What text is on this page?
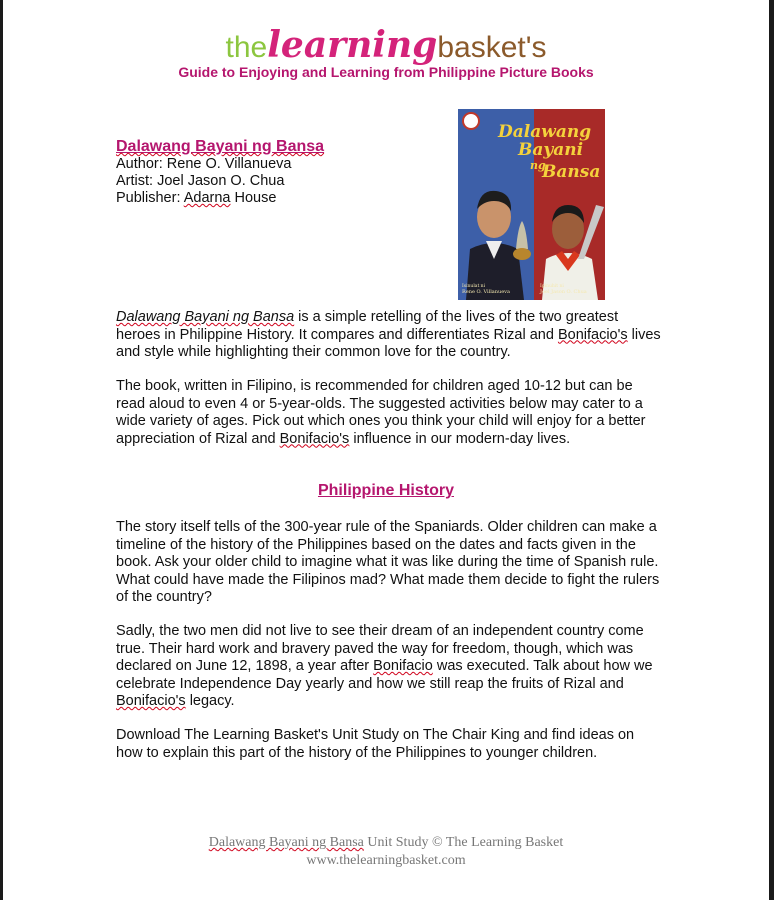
thelearningbasket's
Guide to Enjoying and Learning from Philippine Picture Books
Dalawang Bayani ng Bansa
Author: Rene O. Villanueva
Artist: Joel Jason O. Chua
Publisher: Adarna House
Dalawang
Bayani
ng
Bansa
Isinulat ni
Rene O. Villanueva
Iginuhit ni
Joel Jason O. Chua

Dalawang Bayani ng Bansa is a simple retelling of the lives of the two greatest heroes in Philippine History. It compares and differentiates Rizal and Bonifacio's lives and style while highlighting their common love for the country.

The book, written in Filipino, is recommended for children aged 10-12 but can be read aloud to even 4 or 5-year-olds. The suggested activities below may cater to a wide variety of ages. Pick out which ones you think your child will enjoy for a better appreciation of Rizal and Bonifacio's influence in our modern-day lives.

Philippine History

The story itself tells of the 300-year rule of the Spaniards. Older children can make a timeline of the history of the Philippines based on the dates and facts given in the book. Ask your older child to imagine what it was like during the time of Spanish rule. What could have made the Filipinos mad? What made them decide to fight the rulers of the country?

Sadly, the two men did not live to see their dream of an independent country come true. Their hard work and bravery paved the way for freedom, though, which was declared on June 12, 1898, a year after Bonifacio was executed. Talk about how we celebrate Independence Day yearly and how we still reap the fruits of Rizal and Bonifacio's legacy.

Download The Learning Basket's Unit Study on The Chair King and find ideas on how to explain this part of the history of the Philippines to younger children.

Dalawang Bayani ng Bansa Unit Study © The Learning Basket
www.thelearningbasket.com
